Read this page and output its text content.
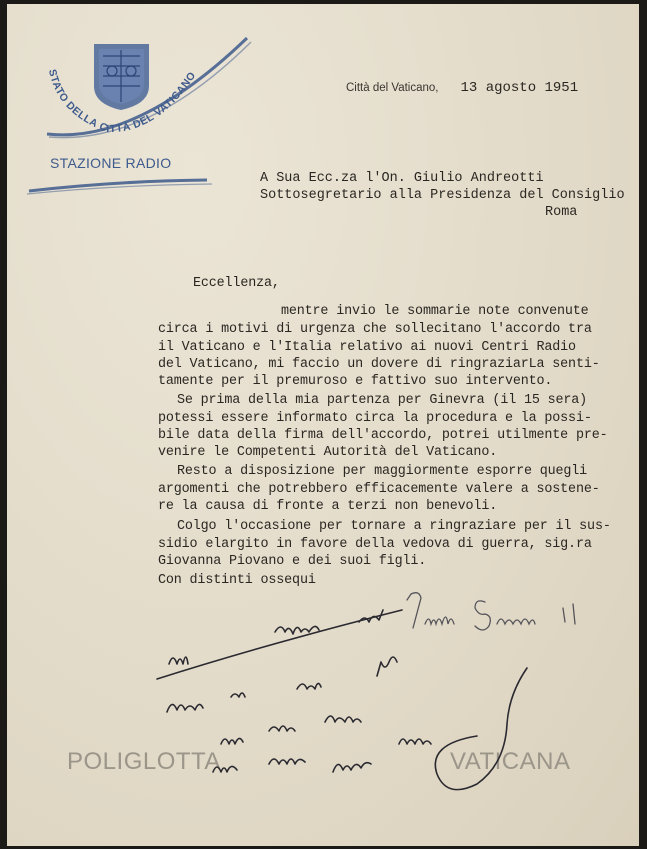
STATO DELLA CITTÀ DEL VATICANO
STAZIONE RADIO
Città del Vaticano, 13 agosto 1951
A Sua Ecc.za l'On. Giulio Andreotti
Sottosegretario alla Presidenza del Consiglio
Roma
Eccellenza,
mentre invio le sommarie note convenute
circa i motivi di urgenza che sollecitano l'accordo tra
il Vaticano e l'Italia relativo ai nuovi Centri Radio
del Vaticano, mi faccio un dovere di ringraziarLa senti-
tamente per il premuroso e fattivo suo intervento.
Se prima della mia partenza per Ginevra (il 15 sera)
potessi essere informato circa la procedura e la possi-
bile data della firma dell'accordo, potrei utilmente pre-
venire le Competenti Autorità del Vaticano.
Resto a disposizione per maggiormente esporre quegli
argomenti che potrebbero efficacemente valere a sostene-
re la causa di fronte a terzi non benevoli.
Colgo l'occasione per tornare a ringraziare per il sus-
sidio elargito in favore della vedova di guerra, sig.ra
Giovanna Piovano e dei suoi figli.
Con distinti ossequi
POLIGLOTTA	VATICANA
